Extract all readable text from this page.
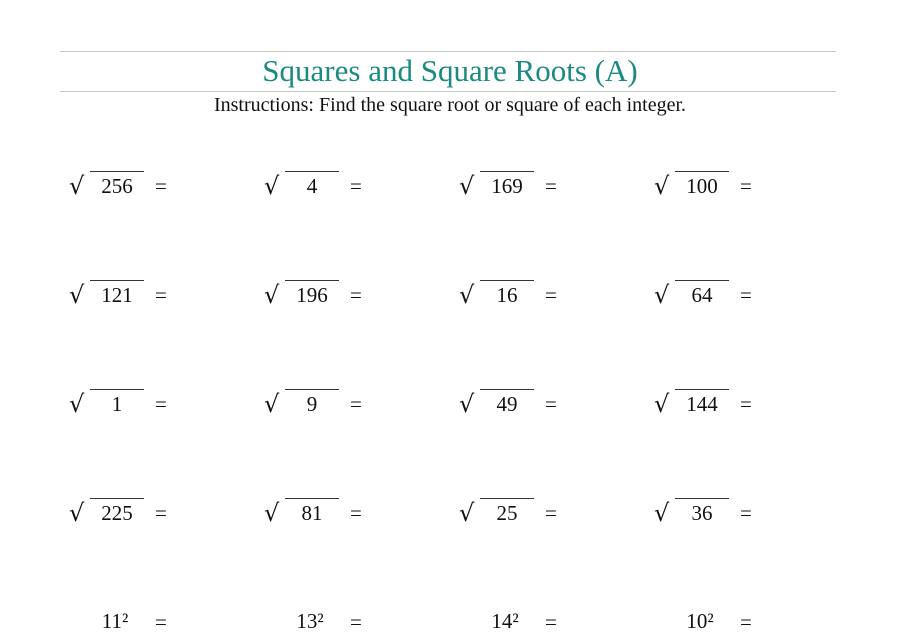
Squares and Square Roots (A)
Instructions: Find the square root or square of each integer.
√ 256	=	√	4	=	√ 169	=	√ 100	=
√ 121	=	√ 196	=	√	16	=	√	64	=
√	1	=	√	9	=	√	49	=	√ 144	=
√ 225	=	√	81	=	√	25	=	√	36	=
11²	=	13²	=	14²	=	10²	=
